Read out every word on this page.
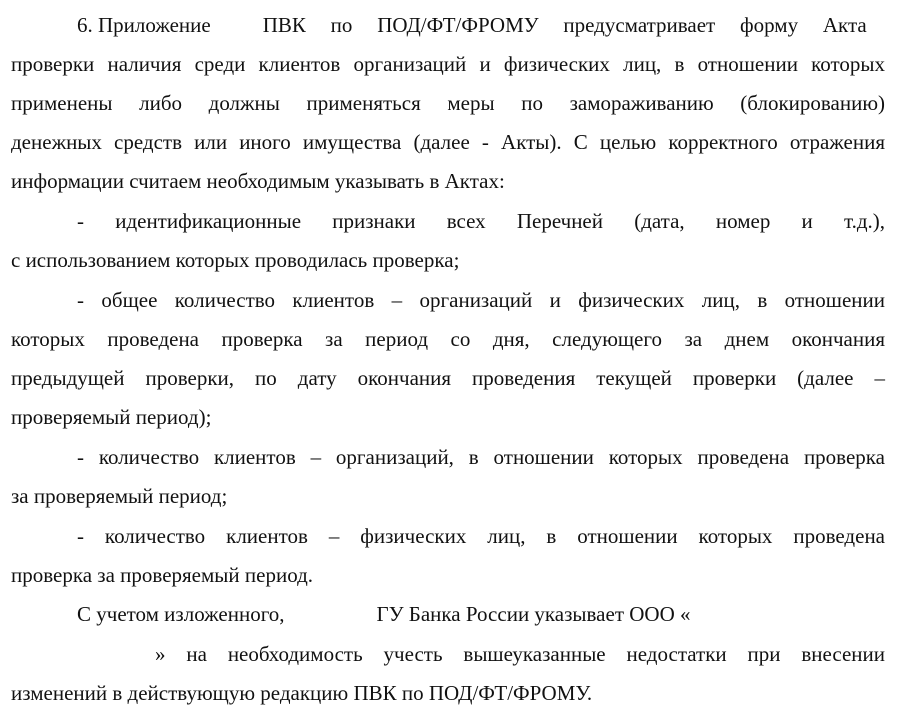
6. Приложение ПВК по ПОД/ФТ/ФРОМУ предусматривает форму Акта
проверки наличия среди клиентов организаций и физических лиц, в отношении которых
применены либо должны применяться меры по замораживанию (блокированию)
денежных средств или иного имущества (далее - Акты). С целью корректного отражения
информации считаем необходимым указывать в Актах:
- идентификационные признаки всех Перечней (дата, номер и т.д.),
с использованием которых проводилась проверка;
- общее количество клиентов – организаций и физических лиц, в отношении
которых проведена проверка за период со дня, следующего за днем окончания
предыдущей проверки, по дату окончания проведения текущей проверки (далее –
проверяемый период);
- количество клиентов – организаций, в отношении которых проведена проверка
за проверяемый период;
- количество клиентов – физических лиц, в отношении которых проведена
проверка за проверяемый период.
С учетом изложенного,	ГУ Банка России указывает ООО «
» на необходимость учесть вышеуказанные недостатки при внесении
изменений в действующую редакцию ПВК по ПОД/ФТ/ФРОМУ.
